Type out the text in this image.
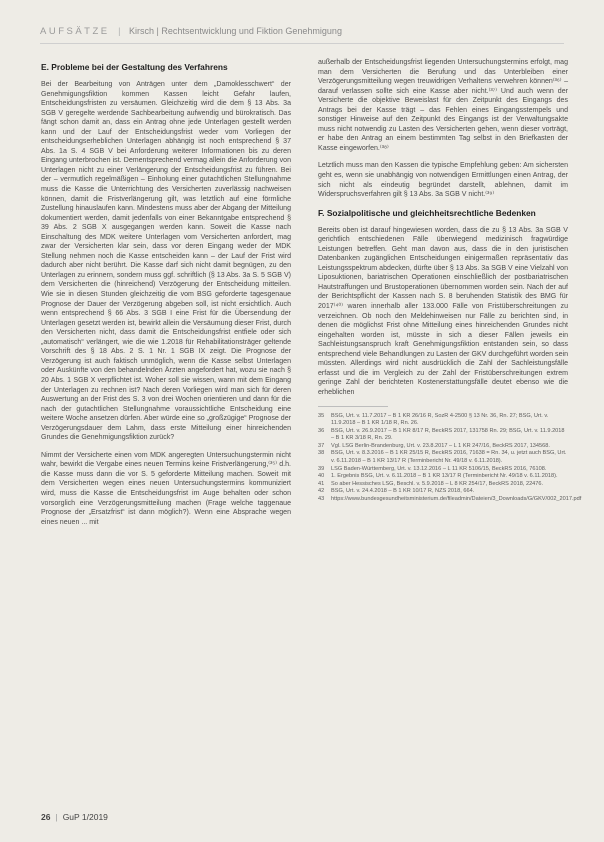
AUFSÄTZE | Kirsch | Rechtsentwicklung und Fiktion Genehmigung
E. Probleme bei der Gestaltung des Verfahrens

Bei der Bearbeitung von Anträgen unter dem „Damoklesschwert“ der Genehmigungsfiktion kommen Kassen leicht Gefahr laufen, Entscheidungsfristen zu versäumen. Gleichzeitig wird die dem § 13 Abs. 3a SGB V geregelte werdende Sachbearbeitung aufwendig und bürokratisch. Das fängt schon damit an, dass ein Antrag ohne jede Unterlagen gestellt werden kann und der Lauf der Entscheidungsfrist weder vom Vorliegen der entscheidungserheblichen Unterlagen abhängig ist noch entsprechend § 37 Abs. 1a S. 4 SGB V bei Anforderung weiterer Informationen bis zu deren Eingang unterbrochen ist. Dementsprechend vermag allein die Anforderung von Unterlagen nicht zu einer Verlängerung der Entscheidungsfrist zu führen. Bei der – vermutlich regelmäßigen – Einholung einer gutachtlichen Stellungnahme muss die Kasse die Unterrichtung des Versicherten zuverlässig nachweisen können, damit die Fristverlängerung gilt, was letztlich auf eine förmliche Zustellung hinauslaufen kann. Mindestens muss aber der Abgang der Mitteilung dokumentiert werden, damit jedenfalls von einer Bekanntgabe entsprechend § 39 Abs. 2 SGB X ausgegangen werden kann. Soweit die Kasse nach Einschaltung des MDK weitere Unterlagen vom Versicherten anfordert, mag zwar der Versicherten klar sein, dass vor deren Eingang weder der MDK Stellung nehmen noch die Kasse entscheiden kann – der Lauf der Frist wird dadurch aber nicht berührt. Die Kasse darf sich nicht damit begnügen, zu den Unterlagen zu erinnern, sondern muss ggf. schriftlich (§ 13 Abs. 3a S. 5 SGB V) dem Versicherten die (hinreichend) Verzögerung der Entscheidung mitteilen. Wie sie in diesen Stunden gleichzeitig die vom BSG geforderte tagesgenaue Prognose der Dauer der Verzögerung abgeben soll, ist nicht ersichtlich. Auch wenn entsprechend § 66 Abs. 3 SGB I eine Frist für die Übersendung der Unterlagen gesetzt werden ist, bewirkt allein die Versäumung dieser Frist, durch den Versicherten nicht, dass damit die Entscheidungsfrist entfiele oder sich „automatisch“ verlängert, wie die wie 1.2018 für Rehabilitationsträger geltende Vorschrift des § 18 Abs. 2 S. 1 Nr. 1 SGB IX zeigt. Die Prognose der Verzögerung ist auch faktisch unmöglich, wenn die Kasse selbst Unterlagen oder Auskünfte von den behandelnden Ärzten angefordert hat, wozu sie nach § 20 Abs. 1 SGB X verpflichtet ist. Woher soll sie wissen, wann mit dem Eingang der Unterlagen zu rechnen ist? Nach deren Vorliegen wird man sich für deren Auswertung an der Frist des S. 3 von drei Wochen orientieren und dann für die nach der gutachtlichen Stellungnahme voraussichtliche Entscheidung eine weitere Woche ansetzen dürfen. Aber würde eine so „großzügige“ Prognose der Verzögerungsdauer dem Lahm, dass erste Mitteilung einer hinreichenden Grundes die Genehmigungsfiktion zurück?

Nimmt der Versicherte einen vom MDK angeregten Untersuchungstermin nicht wahr, bewirkt die Vergabe eines neuen Termins keine Fristverlängerung,⁽³⁵⁾ d.h. die Kasse muss dann die vor S. 5 geforderte Mitteilung machen. Soweit mit dem Versicherten wegen eines neuen Untersuchungstermins kommuniziert wird, muss die Kasse die Entscheidungsfrist im Auge behalten oder schon vorsorglich eine Verzögerungsmitteilung machen (Frage welche taggenaue Prognose der „Ersatzfrist“ ist dann möglich?). Wenn eine Absprache wegen eines neuen ... mit

außerhalb der Entscheidungsfrist liegenden Untersuchungstermins erfolgt, mag man dem Versicherten die Berufung und das Unterbleiben einer Verzögerungsmitteilung wegen treuwidrigen Verhaltens verwehren können⁽³⁶⁾ – darauf verlassen sollte sich eine Kasse aber nicht.⁽³⁷⁾ Und auch wenn der Versicherte die objektive Beweislast für den Zeitpunkt des Eingangs des Antrags bei der Kasse trägt – das Fehlen eines Eingangsstempels und sonstiger Hinweise auf den Zeitpunkt des Eingangs ist der Verwaltungsakte muss nicht notwendig zu Lasten des Versicherten gehen, wenn dieser vorträgt, er habe den Antrag an einem bestimmten Tag selbst in den Briefkasten der Kasse eingeworfen.⁽³⁸⁾

Letztlich muss man den Kassen die typische Empfehlung geben: Am sichersten geht es, wenn sie unabhängig von notwendigen Ermittlungen einen Antrag, der sich nicht als eindeutig begründet darstellt, ablehnen, damit im Widerspruchsverfahren gilt § 13 Abs. 3a SGB V nicht.⁽³⁹⁾

F. Sozialpolitische und gleichheitsrechtliche Bedenken

Bereits oben ist darauf hingewiesen worden, dass die zu § 13 Abs. 3a SGB V gerichtlich entschiedenen Fälle überwiegend medizinisch fragwürdige Leistungen betreffen. Geht man davon aus, dass die in den juristischen Datenbanken zugänglichen Entscheidungen einigermaßen repräsentativ das Leistungsspektrum abdecken, dürfte über § 13 Abs. 3a SGB V eine Vielzahl von Liposuktionen, bariatrischen Operationen einschließlich der postbariatrischen Hautstraffungen und Brustoperationen übernommen worden sein. Nach der auf der Berichtspflicht der Kassen nach S. 8 beruhenden Statistik des BMG für 2017⁽⁴⁰⁾ waren innerhalb aller 133.000 Fälle von Fristüberschreitungen zu verzeichnen. Ob noch den Meldehinweisen nur Fälle zu berichten sind, in denen die möglichst Frist ohne Mitteilung eines hinreichenden Grundes nicht eingehalten worden ist, müsste in sich a dieser Fällen jeweils ein Sachleistungsanspruch kraft Genehmigungsfiktion entstanden sein, so dass entsprechend viele Behandlungen zu Lasten der GKV durchgeführt worden sein müssten. Allerdings wird nicht ausdrücklich die Zahl der Sachleistungsfälle erfasst und die im Vergleich zu der Zahl der Fristüberschreitungen extrem geringe Zahl der berichteten Kostenerstattungsfälle deutet ebenso wie die erheblichen

35	BSG, Urt. v. 11.7.2017 – B 1 KR 26/16 R, SozR 4-2500 § 13 Nr. 36, Rn. 27; BSG, Urt. v. 11.9.2018 – B 1 KR 1/18 R, Rn. 26.
36	BSG, Urt. v. 26.9.2017 – B 1 KR 8/17 R, BeckRS 2017, 131758 Rn. 29; BSG, Urt. v. 11.9.2018 – B 1 KR 3/18 R, Rn. 29.
37	Vgl. LSG Berlin-Brandenburg, Urt. v. 23.8.2017 – L 1 KR 247/16, BeckRS 2017, 134568.
38	BSG, Urt. v. 8.3.2016 – B 1 KR 25/15 R, BeckRS 2016, 71638 = Rn. 34, u. jetzt auch BSG, Urt. v. 6.11.2018 – B 1 KR 13/17 R (Terminbericht Nr. 49/18 v. 6.11.2018).
39	LSG Baden-Württemberg, Urt. v. 13.12.2016 – L 11 KR 5106/15, BeckRS 2016, 76108.
40	1. Ergebnis BSG, Urt. v. 6.11.2018 – B 1 KR 13/17 R (Terminbericht Nr. 49/18 v. 6.11.2018).
41	So aber Hessisches LSG, Beschl. v. 5.9.2018 – L 8 KR 254/17, BeckRS 2018, 22476.
42	BSG, Urt. v. 24.4.2018 – B 1 KR 10/17 R, NZS 2018, 664.
43	https://www.bundesgesundheitsministerium.de/fileadmin/Dateien/3_Downloads/G/GKV/002_2017.pdf
26 | GuP 1/2019
